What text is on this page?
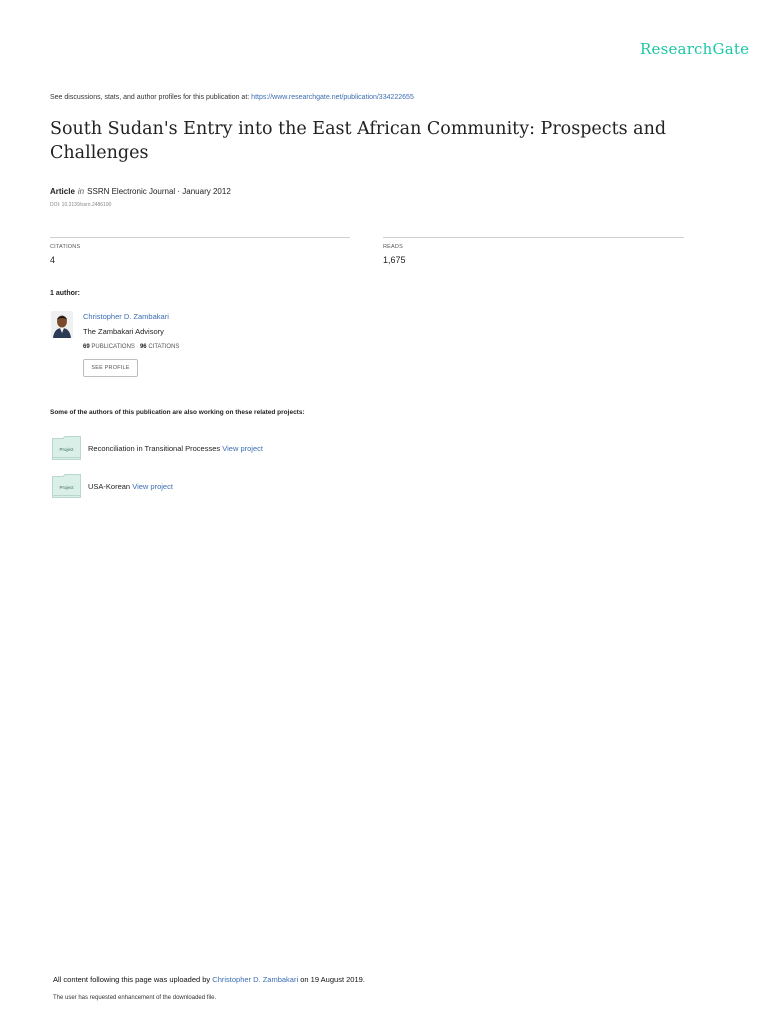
ResearchGate
See discussions, stats, and author profiles for this publication at: https://www.researchgate.net/publication/334222655
South Sudan's Entry into the East African Community: Prospects and Challenges
Article in SSRN Electronic Journal · January 2012
DOI: 10.2139/ssrn.2486190
CITATIONS
4
READS
1,675
1 author:
Christopher D. Zambakari
The Zambakari Advisory
69 PUBLICATIONS 96 CITATIONS
SEE PROFILE
Some of the authors of this publication are also working on these related projects:
Project Reconciliation in Transitional Processes View project
Project USA-Korean View project
All content following this page was uploaded by Christopher D. Zambakari on 19 August 2019.
The user has requested enhancement of the downloaded file.
